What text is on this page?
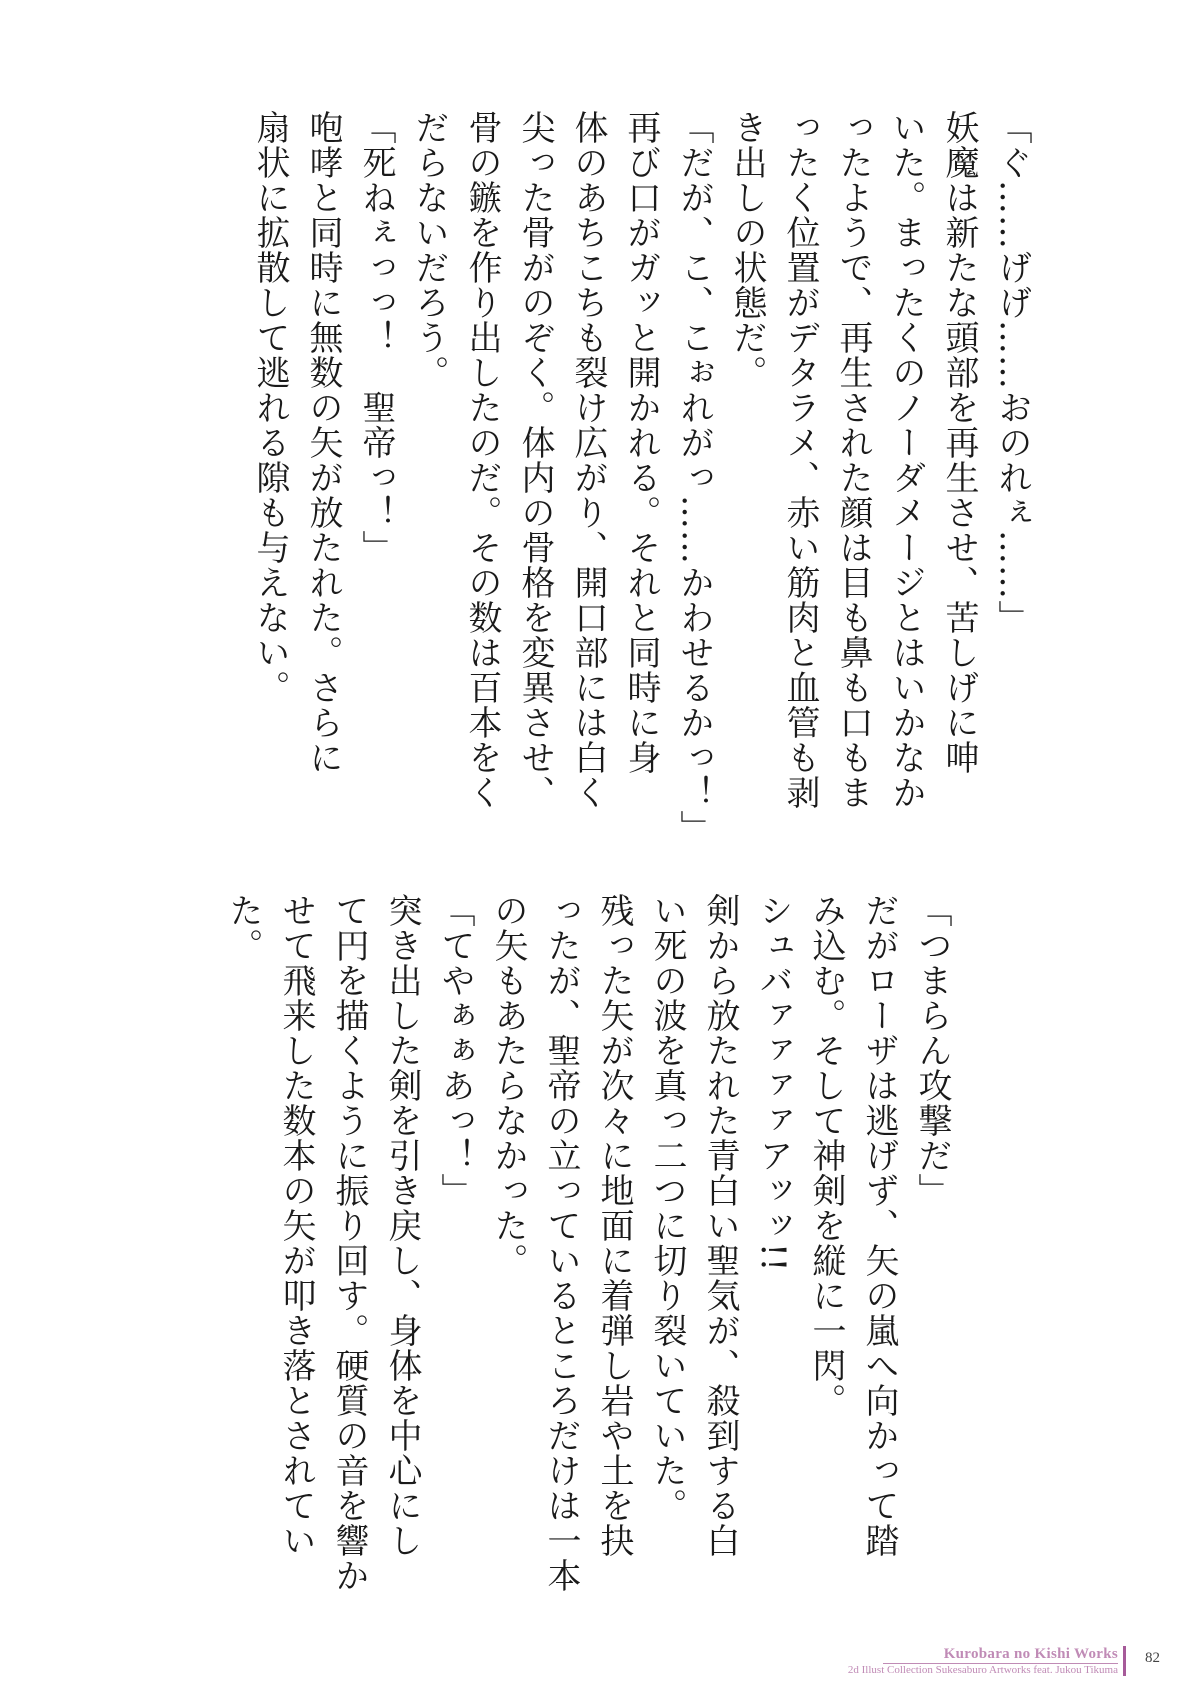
「ぐ……げげ……おのれぇ……」
妖魔は新たな頭部を再生させ、苦しげに呻
いた。まったくのノーダメージとはいかなか
ったようで、再生された顔は目も鼻も口もま
ったく位置がデタラメ、赤い筋肉と血管も剥
き出しの状態だ。
「だが、こ、こぉれがっ……かわせるかっ！」
再び口がガッと開かれる。それと同時に身
体のあちこちも裂け広がり、開口部には白く
尖った骨がのぞく。体内の骨格を変異させ、
骨の鏃を作り出したのだ。その数は百本をく
だらないだろう。
「死ねぇっっ！　聖帝っ！」
咆哮と同時に無数の矢が放たれた。さらに
扇状に拡散して逃れる隙も与えない。
「つまらん攻撃だ」
だがローザは逃げず、矢の嵐へ向かって踏
み込む。そして神剣を縦に一閃。
シュバァァァァアッッ!!
剣から放たれた青白い聖気が、殺到する白
い死の波を真っ二つに切り裂いていた。
残った矢が次々に地面に着弾し岩や土を抉
ったが、聖帝の立っているところだけは一本
の矢もあたらなかった。
「てやぁぁあっ！」
突き出した剣を引き戻し、身体を中心にし
て円を描くように振り回す。硬質の音を響か
せて飛来した数本の矢が叩き落とされてい
た。
Kurobara no Kishi Works
2d Illust Collection Sukesaburo Artworks feat. Jukou Tikuma
82
